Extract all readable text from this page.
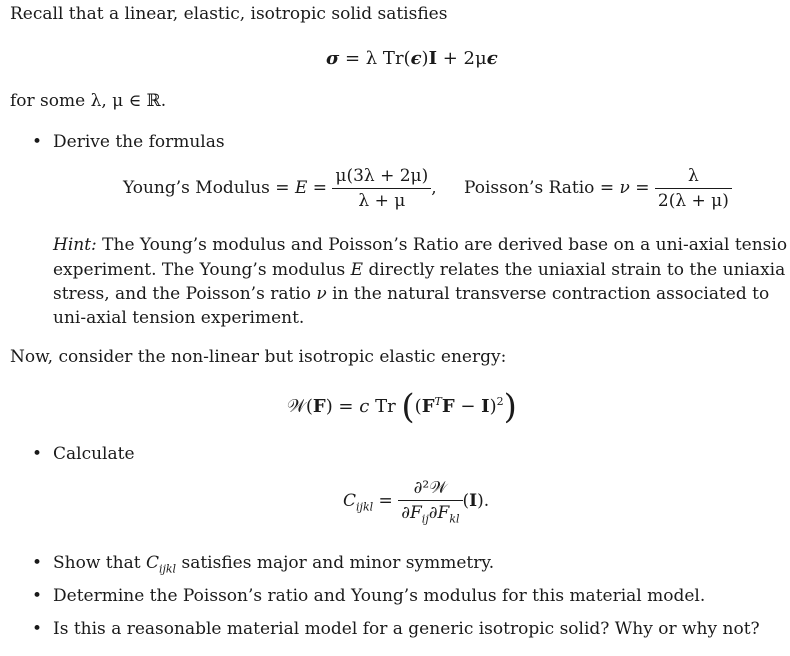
Recall that a linear, elastic, isotropic solid satisfies
σ = λ Tr(ϵ)I + 2μϵ
for some λ, μ ∈ ℝ.
• Derive the formulas
Young’s Modulus = $E = \frac{\mu(3\lambda + 2\mu)}{\lambda + \mu}$ , Poisson’s Ratio = $\nu = \frac{\lambda}{2(\lambda + \mu)}$
Hint: The Young’s modulus and Poisson’s Ratio are derived base on a uni-axial tensio
experiment. The Young’s modulus E directly relates the uniaxial strain to the uniaxia
stress, and the Poisson’s ratio ν in the natural transverse contraction associated to
uni-axial tension experiment.
Now, consider the non-linear but isotropic elastic energy:
𝒲(F) = c Tr $((F^TF - I)^2)$
• Calculate
$C_{ijkl} = \frac{\text{∂²𝒲}}{\partial F_{ij}\partial F_{kl}} (I)$.
• Show that $C_{ijkl}$ satisfies major and minor symmetry.
• Determine the Poisson’s ratio and Young’s modulus for this material model.
• Is this a reasonable material model for a generic isotropic solid? Why or why not?
